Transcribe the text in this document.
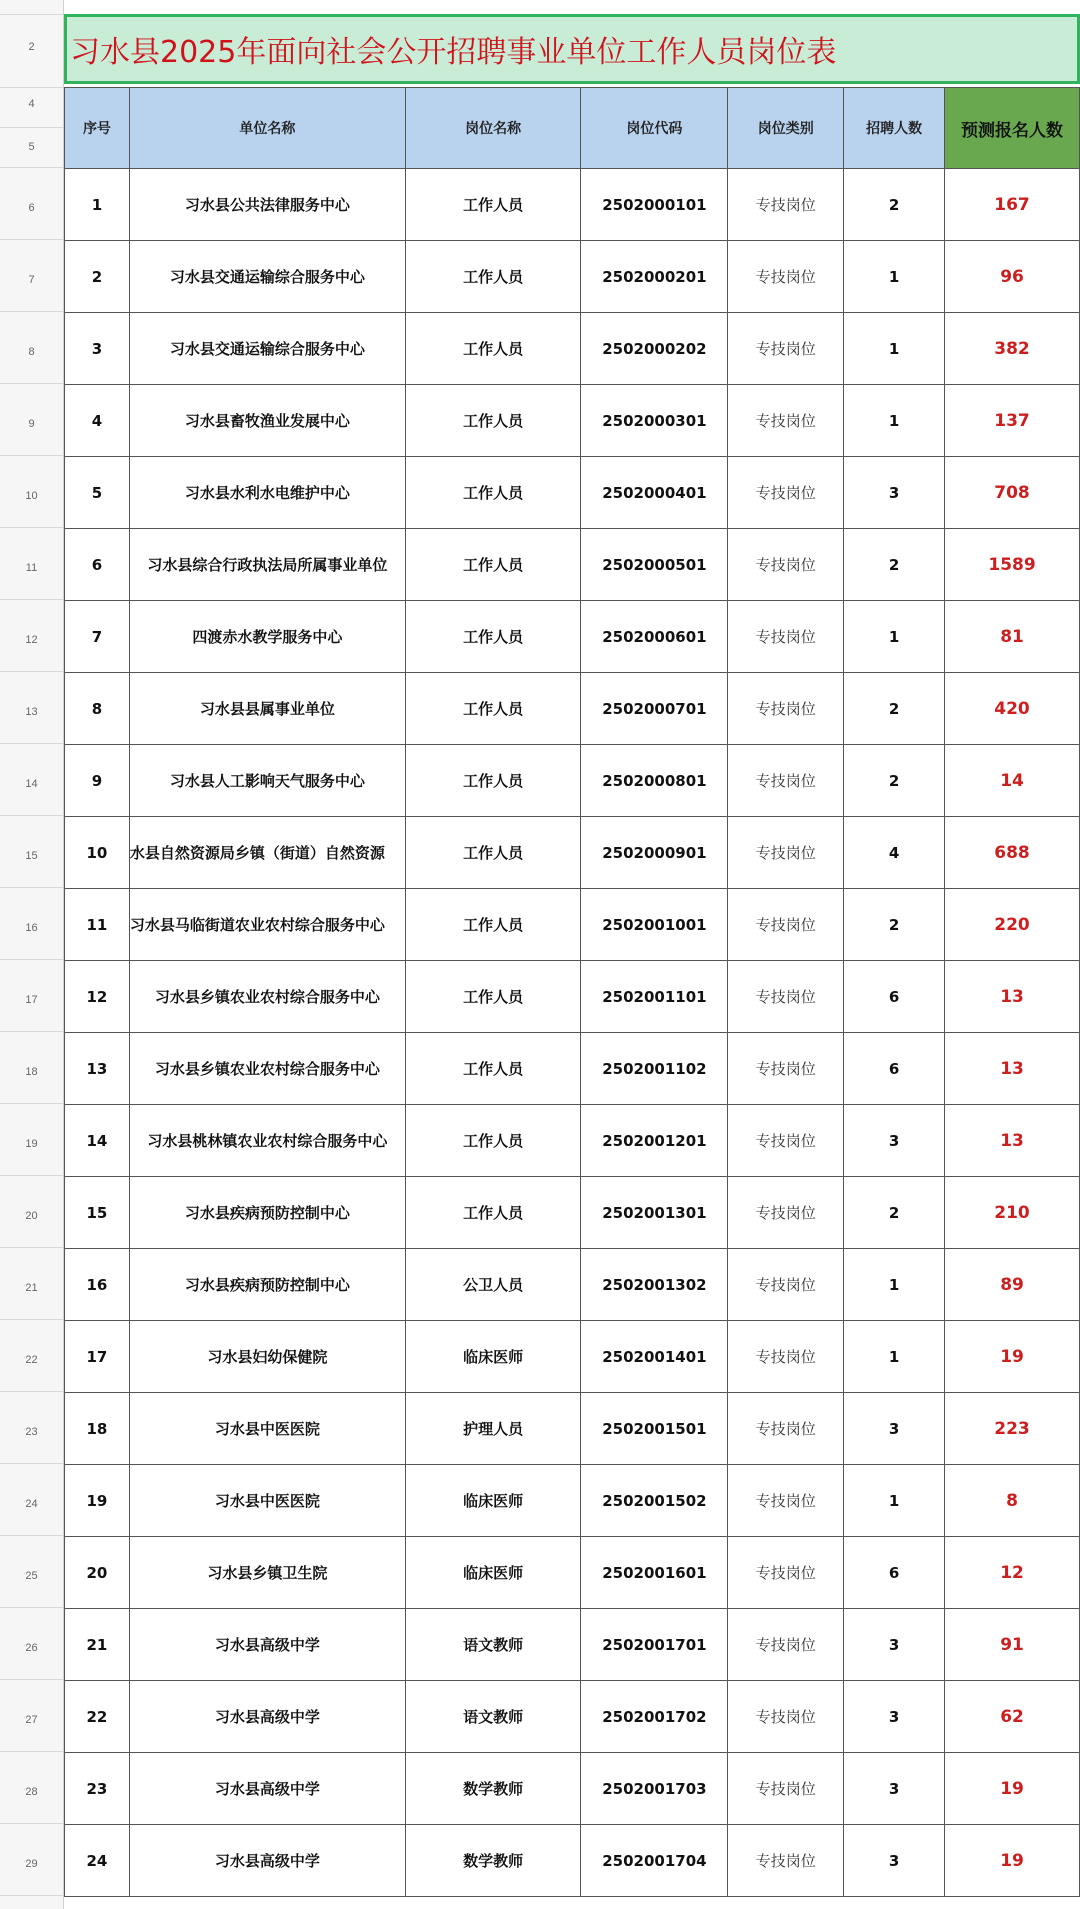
2
4
5
6
7
8
9
10
11
12
13
14
15
16
17
18
19
20
21
22
23
24
25
26
27
28
29
习水县2025年面向社会公开招聘事业单位工作人员岗位表
序号	单位名称	岗位名称	岗位代码	岗位类别	招聘人数	预测报名人数
1	习水县公共法律服务中心	工作人员	2502000101	专技岗位	2	167
2	习水县交通运输综合服务中心	工作人员	2502000201	专技岗位	1	96
3	习水县交通运输综合服务中心	工作人员	2502000202	专技岗位	1	382
4	习水县畜牧渔业发展中心	工作人员	2502000301	专技岗位	1	137
5	习水县水利水电维护中心	工作人员	2502000401	专技岗位	3	708
6	习水县综合行政执法局所属事业单位	工作人员	2502000501	专技岗位	2	1589
7	四渡赤水教学服务中心	工作人员	2502000601	专技岗位	1	81
8	习水县县属事业单位	工作人员	2502000701	专技岗位	2	420
9	习水县人工影响天气服务中心	工作人员	2502000801	专技岗位	2	14
10	水县自然资源局乡镇（街道）自然资源	工作人员	2502000901	专技岗位	4	688
11	习水县马临街道农业农村综合服务中心	工作人员	2502001001	专技岗位	2	220
12	习水县乡镇农业农村综合服务中心	工作人员	2502001101	专技岗位	6	13
13	习水县乡镇农业农村综合服务中心	工作人员	2502001102	专技岗位	6	13
14	习水县桃林镇农业农村综合服务中心	工作人员	2502001201	专技岗位	3	13
15	习水县疾病预防控制中心	工作人员	2502001301	专技岗位	2	210
16	习水县疾病预防控制中心	公卫人员	2502001302	专技岗位	1	89
17	习水县妇幼保健院	临床医师	2502001401	专技岗位	1	19
18	习水县中医医院	护理人员	2502001501	专技岗位	3	223
19	习水县中医医院	临床医师	2502001502	专技岗位	1	8
20	习水县乡镇卫生院	临床医师	2502001601	专技岗位	6	12
21	习水县高级中学	语文教师	2502001701	专技岗位	3	91
22	习水县高级中学	语文教师	2502001702	专技岗位	3	62
23	习水县高级中学	数学教师	2502001703	专技岗位	3	19
24	习水县高级中学	数学教师	2502001704	专技岗位	3	19
